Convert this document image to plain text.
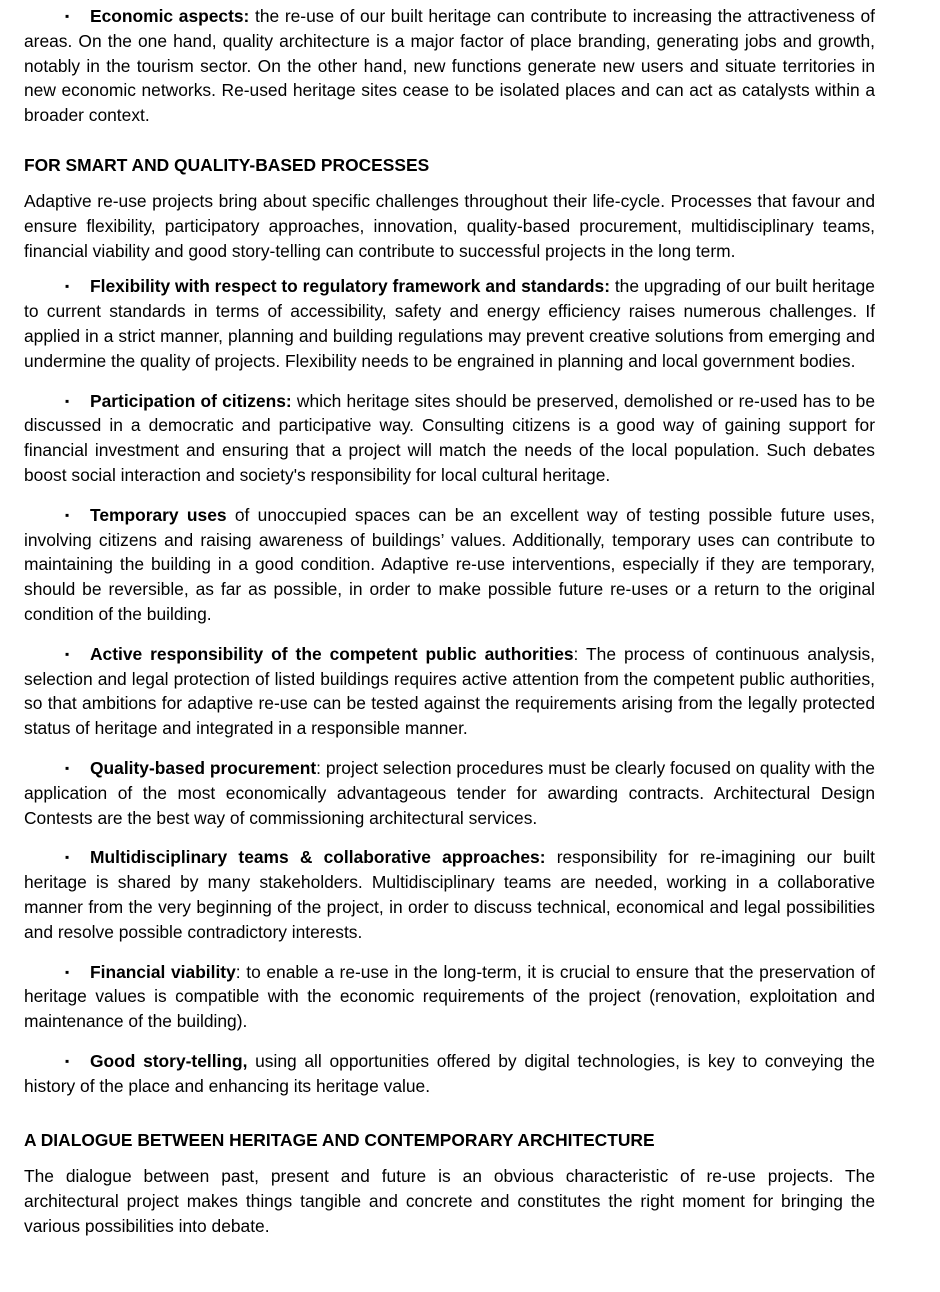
▪ Economic aspects: the re-use of our built heritage can contribute to increasing the attractiveness of areas. On the one hand, quality architecture is a major factor of place branding, generating jobs and growth, notably in the tourism sector. On the other hand, new functions generate new users and situate territories in new economic networks. Re-used heritage sites cease to be isolated places and can act as catalysts within a broader context.

FOR SMART AND QUALITY-BASED PROCESSES

Adaptive re-use projects bring about specific challenges throughout their life-cycle. Processes that favour and ensure flexibility, participatory approaches, innovation, quality-based procurement, multidisciplinary teams, financial viability and good story-telling can contribute to successful projects in the long term.

▪ Flexibility with respect to regulatory framework and standards: the upgrading of our built heritage to current standards in terms of accessibility, safety and energy efficiency raises numerous challenges. If applied in a strict manner, planning and building regulations may prevent creative solutions from emerging and undermine the quality of projects. Flexibility needs to be engrained in planning and local government bodies.

▪ Participation of citizens: which heritage sites should be preserved, demolished or re-used has to be discussed in a democratic and participative way. Consulting citizens is a good way of gaining support for financial investment and ensuring that a project will match the needs of the local population. Such debates boost social interaction and society's responsibility for local cultural heritage.

▪ Temporary uses of unoccupied spaces can be an excellent way of testing possible future uses, involving citizens and raising awareness of buildings’ values. Additionally, temporary uses can contribute to maintaining the building in a good condition. Adaptive re-use interventions, especially if they are temporary, should be reversible, as far as possible, in order to make possible future re-uses or a return to the original condition of the building.

▪ Active responsibility of the competent public authorities: The process of continuous analysis, selection and legal protection of listed buildings requires active attention from the competent public authorities, so that ambitions for adaptive re-use can be tested against the requirements arising from the legally protected status of heritage and integrated in a responsible manner.

▪ Quality-based procurement: project selection procedures must be clearly focused on quality with the application of the most economically advantageous tender for awarding contracts. Architectural Design Contests are the best way of commissioning architectural services.

▪ Multidisciplinary teams & collaborative approaches: responsibility for re-imagining our built heritage is shared by many stakeholders. Multidisciplinary teams are needed, working in a collaborative manner from the very beginning of the project, in order to discuss technical, economical and legal possibilities and resolve possible contradictory interests.

▪ Financial viability: to enable a re-use in the long-term, it is crucial to ensure that the preservation of heritage values is compatible with the economic requirements of the project (renovation, exploitation and maintenance of the building).

▪ Good story-telling, using all opportunities offered by digital technologies, is key to conveying the history of the place and enhancing its heritage value.

A DIALOGUE BETWEEN HERITAGE AND CONTEMPORARY ARCHITECTURE

The dialogue between past, present and future is an obvious characteristic of re-use projects. The architectural project makes things tangible and concrete and constitutes the right moment for bringing the various possibilities into debate.
